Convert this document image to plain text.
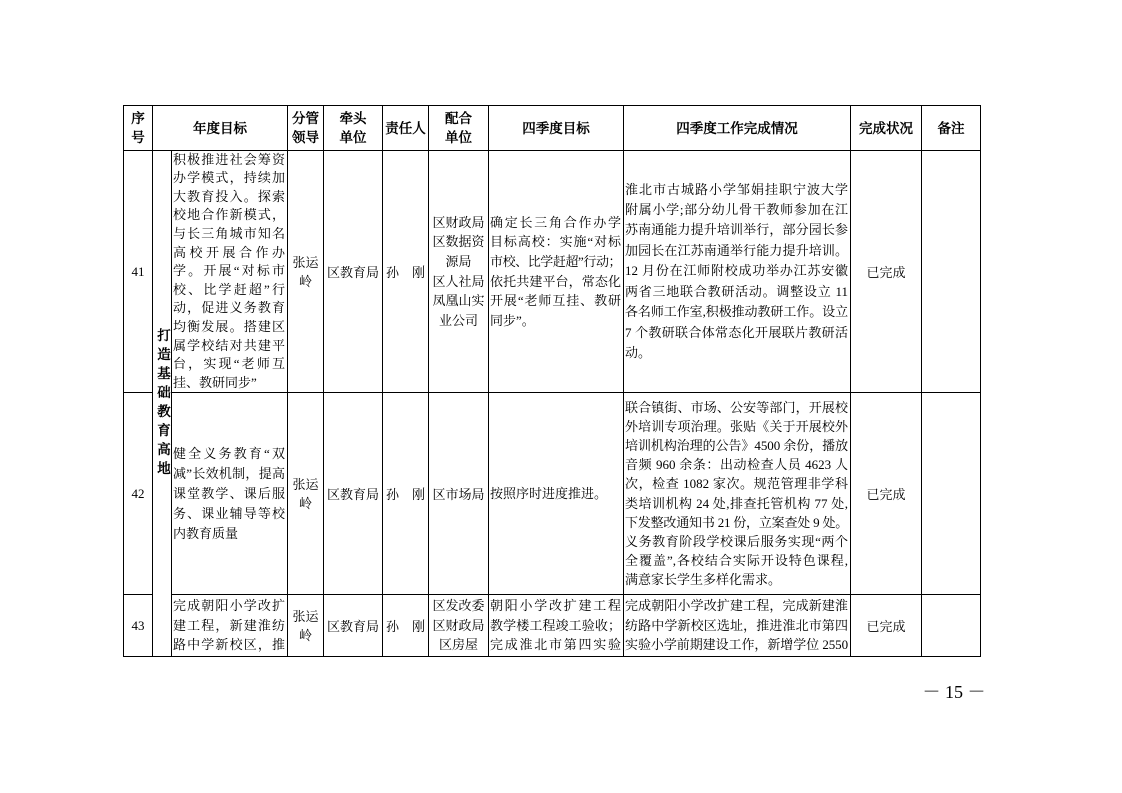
序
号
年度目标
分管
领导
牵头
单位
责任人
配合
单位
四季度目标	四季度工作完成情况	完成状况 备注
打造基础教育高地
41
积极推进社会筹资
办学模式，持续加
大教育投入。探索
校地合作新模式，
与长三角城市知名
高校开展合作办
学。开展“对标市
校、比学赶超”行
动，促进义务教育
均衡发展。搭建区
属学校结对共建平
台，实现“老师互
挂、教研同步”
张运
岭
区教育局 孙　刚
区财政局
区数据资
源局
区人社局
凤凰山实
业公司
确定长三角合作办学
目标高校：实施“对标
市校、比学赶超”行动；
依托共建平台，常态化
开展“老师互挂、教研
同步”。
淮北市古城路小学邹娟挂职宁波大学
附属小学;部分幼儿骨干教师参加在江
苏南通能力提升培训举行，部分园长参
加园长在江苏南通举行能力提升培训。
12 月份在江师附校成功举办江苏安徽
两省三地联合教研活动。调整设立 11
各名师工作室,积极推动教研工作。设立
7 个教研联合体常态化开展联片教研活
动。
已完成
42
健全义务教育“双
减”长效机制，提高
课堂教学、课后服
务、课业辅导等校
内教育质量
张运
岭
区教育局 孙　刚 区市场局 按照序时进度推进。
联合镇街、市场、公安等部门，开展校
外培训专项治理。张贴《关于开展校外
培训机构治理的公告》4500 余份，播放
音频 960 余条：出动检查人员 4623 人
次，检查 1082 家次。规范管理非学科
类培训机构 24 处,排查托管机构 77 处,
下发整改通知书 21 份，立案查处 9 处。
义务教育阶段学校课后服务实现“两个
全覆盖”,各校结合实际开设特色课程,
满意家长学生多样化需求。
已完成
43
完成朝阳小学改扩
建工程，新建淮纺
路中学新校区，推
张运
岭
区教育局 孙　刚
区发改委
区财政局
区房屋
朝阳小学改扩建工程
教学楼工程竣工验收；
完成淮北市第四实验
完成朝阳小学改扩建工程，完成新建淮
纺路中学新校区选址，推进淮北市第四
实验小学前期建设工作，新增学位 2550
已完成
－ 15 －
